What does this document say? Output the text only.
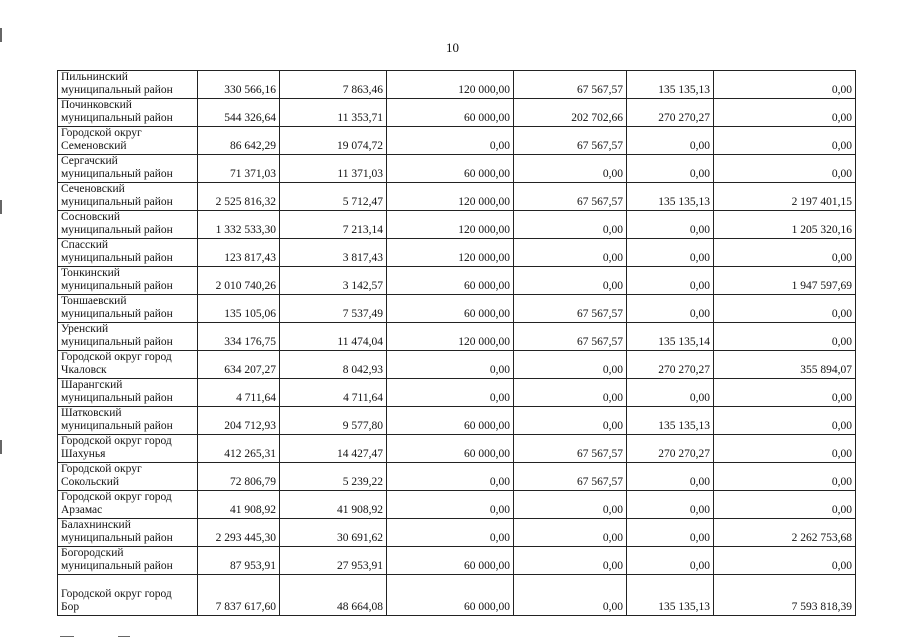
10
Пильнинский
муниципальный район	330 566,16	7 863,46	120 000,00	67 567,57	135 135,13	0,00

Починковский
муниципальный район	544 326,64	11 353,71	60 000,00	202 702,66	270 270,27	0,00

Городской округ
Семеновский	86 642,29	19 074,72	0,00	67 567,57	0,00	0,00

Сергачский
муниципальный район	71 371,03	11 371,03	60 000,00	0,00	0,00	0,00

Сеченовский
муниципальный район	2 525 816,32	5 712,47	120 000,00	67 567,57	135 135,13	2 197 401,15

Сосновский
муниципальный район	1 332 533,30	7 213,14	120 000,00	0,00	0,00	1 205 320,16

Спасский
муниципальный район	123 817,43	3 817,43	120 000,00	0,00	0,00	0,00

Тонкинский
муниципальный район	2 010 740,26	3 142,57	60 000,00	0,00	0,00	1 947 597,69

Тоншаевский
муниципальный район	135 105,06	7 537,49	60 000,00	67 567,57	0,00	0,00

Уренский
муниципальный район	334 176,75	11 474,04	120 000,00	67 567,57	135 135,14	0,00

Городской округ город
Чкаловск	634 207,27	8 042,93	0,00	0,00	270 270,27	355 894,07

Шарангский
муниципальный район	4 711,64	4 711,64	0,00	0,00	0,00	0,00

Шатковский
муниципальный район	204 712,93	9 577,80	60 000,00	0,00	135 135,13	0,00

Городской округ город
Шахунья	412 265,31	14 427,47	60 000,00	67 567,57	270 270,27	0,00

Городской округ
Сокольский	72 806,79	5 239,22	0,00	67 567,57	0,00	0,00

Городской округ город
Арзамас	41 908,92	41 908,92	0,00	0,00	0,00	0,00

Балахнинский
муниципальный район	2 293 445,30	30 691,62	0,00	0,00	0,00	2 262 753,68

Богородский
муниципальный район	87 953,91	27 953,91	60 000,00	0,00	0,00	0,00

Городской округ город
Бор	7 837 617,60	48 664,08	60 000,00	0,00	135 135,13	7 593 818,39
